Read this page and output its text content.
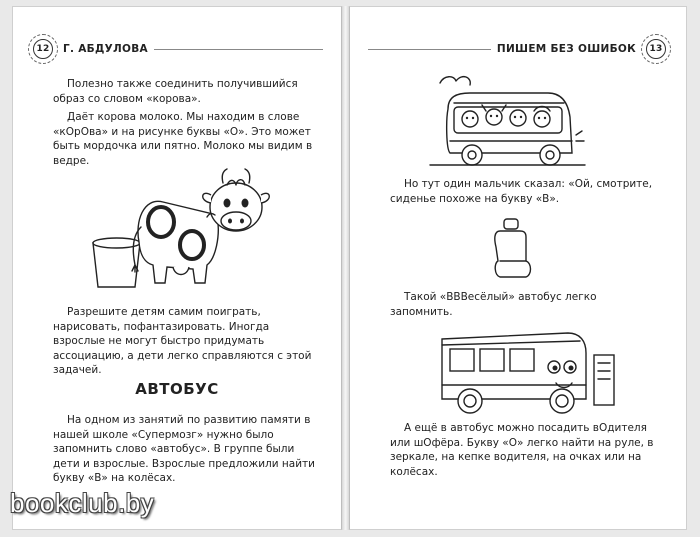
12 Г. АБДУЛОВА

Полезно также соединить получившийся образ со словом «корова».

Даёт корова молоко. Мы находим в слове «кОрОва» и на рисунке буквы «О». Это может быть мордочка или пятно. Молоко мы видим в ведре.

Разрешите детям самим поиграть, нарисовать, пофантазировать. Иногда взрослые не могут быстро придумать ассоциацию, а дети легко справляются с этой задачей.

АВТОБУС

На одном из занятий по развитию памяти в нашей школе «Супермозг» нужно было запомнить слово «автобус». В группе были дети и взрослые. Взрослые предложили найти букву «В» на колёсах.

ПИШЕМ БЕЗ ОШИБОК 13

Но тут один мальчик сказал: «Ой, смотрите, сиденье похоже на букву «В».

Такой «ВВВесёлый» автобус легко запомнить.

А ещё в автобус можно посадить вОдителя или шОфёра. Букву «О» легко найти на руле, в зеркале, на кепке водителя, на очках или на колёсах.

bookclub.by
